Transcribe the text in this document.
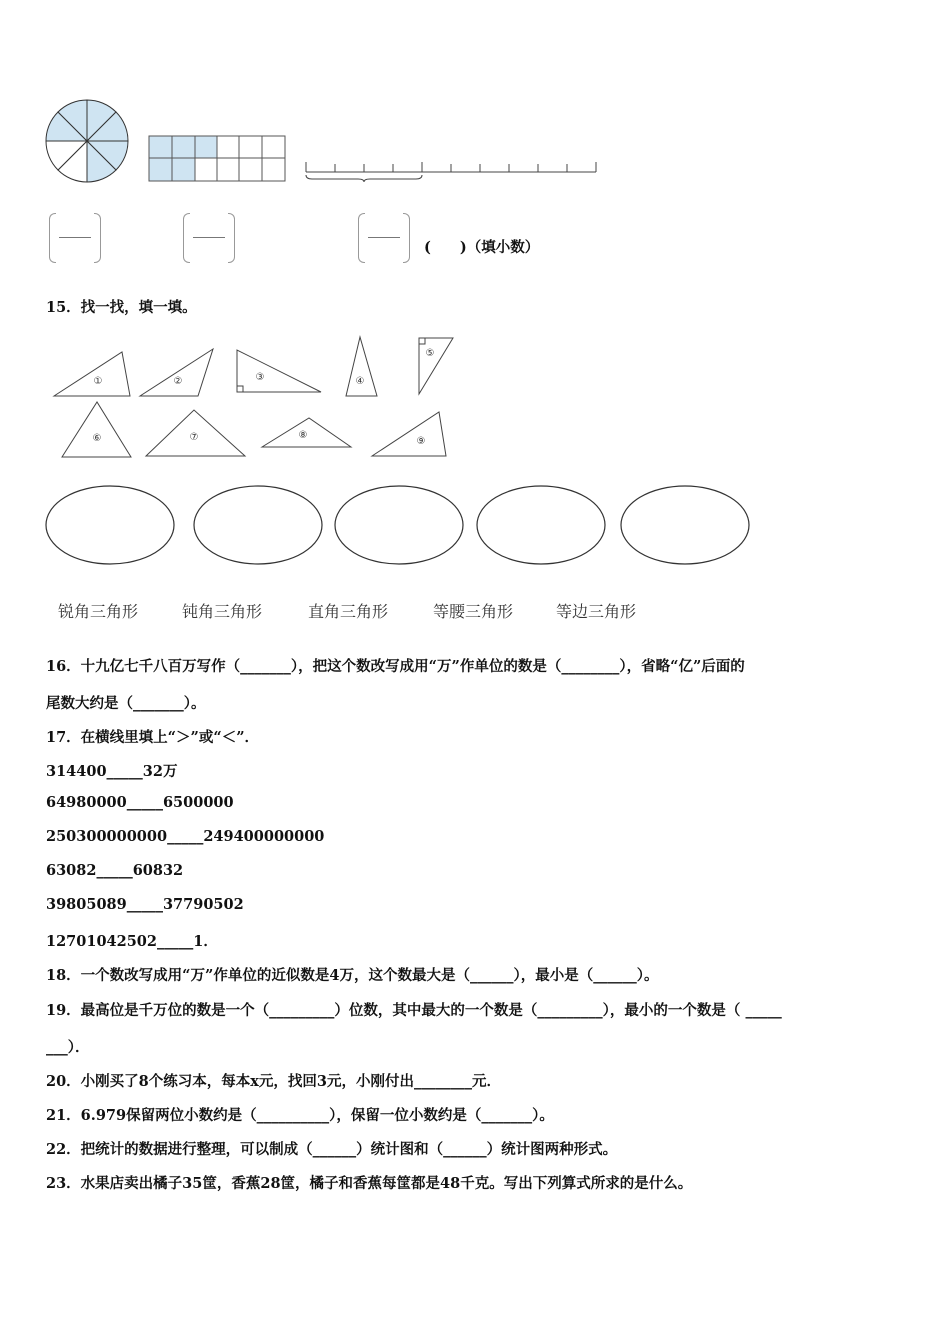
(　　)（填小数）
15．找一找，填一填。
①	②	③	④
⑤
⑥	⑦	⑧
⑨
锐角三角形	钝角三角形	直角三角形	等腰三角形	等边三角形
16．十九亿七千八百万写作（_______），把这个数改写成用“万”作单位的数是（________），省略“亿”后面的
尾数大约是（_______）。
17．在横线里填上“＞”或“＜”．
314400_____32万
64980000_____6500000
250300000000_____249400000000
63082_____60832
39805089_____37790502
12701042502_____1．
18．一个数改写成用“万”作单位的近似数是4万，这个数最大是（______），最小是（______）。
19．最高位是千万位的数是一个（_________）位数，其中最大的一个数是（_________），最小的一个数是（ _____
___）．
20．小刚买了8个练习本，每本x元，找回3元，小刚付出________元．
21．6.979保留两位小数约是（__________），保留一位小数约是（_______）。
22．把统计的数据进行整理，可以制成（______）统计图和（______）统计图两种形式。
23．水果店卖出橘子35筐，香蕉28筐，橘子和香蕉每筐都是48千克。写出下列算式所求的是什么。
